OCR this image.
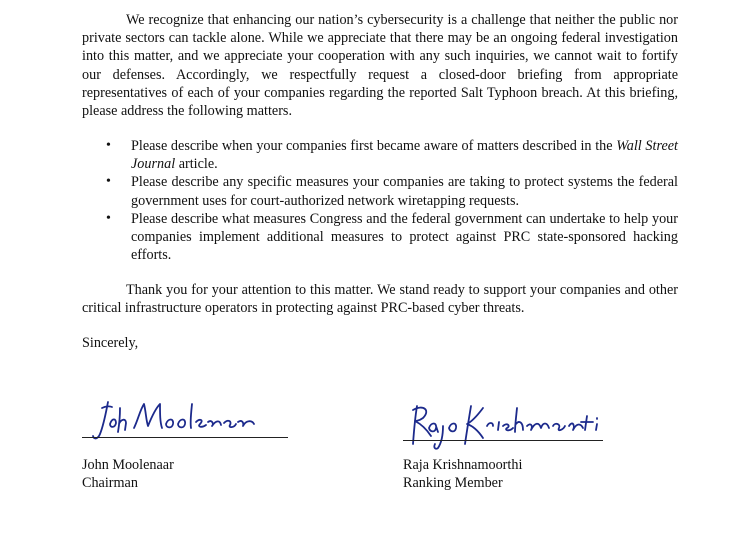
We recognize that enhancing our nation’s cybersecurity is a challenge that neither the public nor private sectors can tackle alone. While we appreciate that there may be an ongoing federal investigation into this matter, and we appreciate your cooperation with any such inquiries, we cannot wait to fortify our defenses. Accordingly, we respectfully request a closed-door briefing from appropriate representatives of each of your companies regarding the reported Salt Typhoon breach. At this briefing, please address the following matters.

• Please describe when your companies first became aware of matters described in the Wall Street Journal article.
• Please describe any specific measures your companies are taking to protect systems the federal government uses for court-authorized network wiretapping requests.
• Please describe what measures Congress and the federal government can undertake to help your companies implement additional measures to protect against PRC state-sponsored hacking efforts.

Thank you for your attention to this matter. We stand ready to support your companies and other critical infrastructure operators in protecting against PRC-based cyber threats.

Sincerely,
John Moolenaar
Chairman
Raja Krishnamoorthi
Ranking Member
